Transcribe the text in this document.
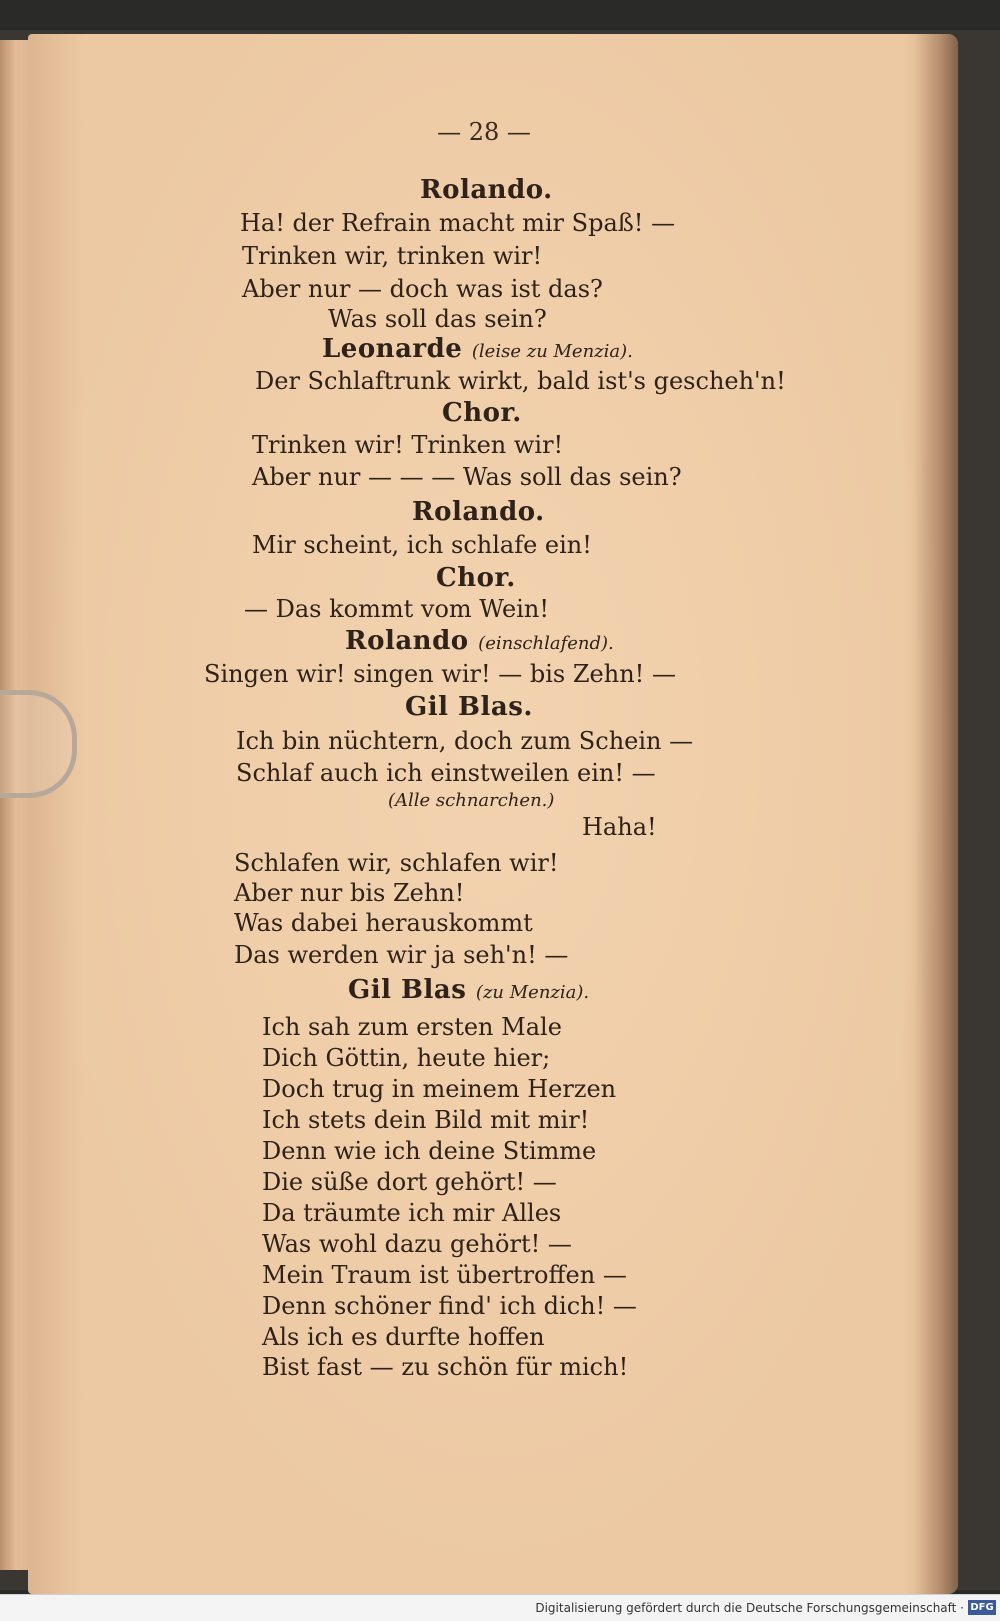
— 28 —
Rolando.
Ha! der Refrain macht mir Spaß! —
Trinken wir, trinken wir!
Aber nur — doch was ist das?
Was soll das sein?
Leonarde (leise zu Menzia).
Der Schlaftrunk wirkt, bald ist's gescheh'n!
Chor.
Trinken wir! Trinken wir!
Aber nur — — — Was soll das sein?
Rolando.
Mir scheint, ich schlafe ein!
Chor.
— Das kommt vom Wein!
Rolando (einschlafend).
Singen wir! singen wir! — bis Zehn! —
Gil Blas.
Ich bin nüchtern, doch zum Schein —
Schlaf auch ich einstweilen ein! —
(Alle schnarchen.)
Haha!
Schlafen wir, schlafen wir!
Aber nur bis Zehn!
Was dabei herauskommt
Das werden wir ja seh'n! —
Gil Blas (zu Menzia).
Ich sah zum ersten Male
Dich Göttin, heute hier;
Doch trug in meinem Herzen
Ich stets dein Bild mit mir!
Denn wie ich deine Stimme
Die süße dort gehört! —
Da träumte ich mir Alles
Was wohl dazu gehört! —
Mein Traum ist übertroffen —
Denn schöner find' ich dich! —
Als ich es durfte hoffen
Bist fast — zu schön für mich!
Digitalisierung gefördert durch die Deutsche Forschungsgemeinschaft · DFG
